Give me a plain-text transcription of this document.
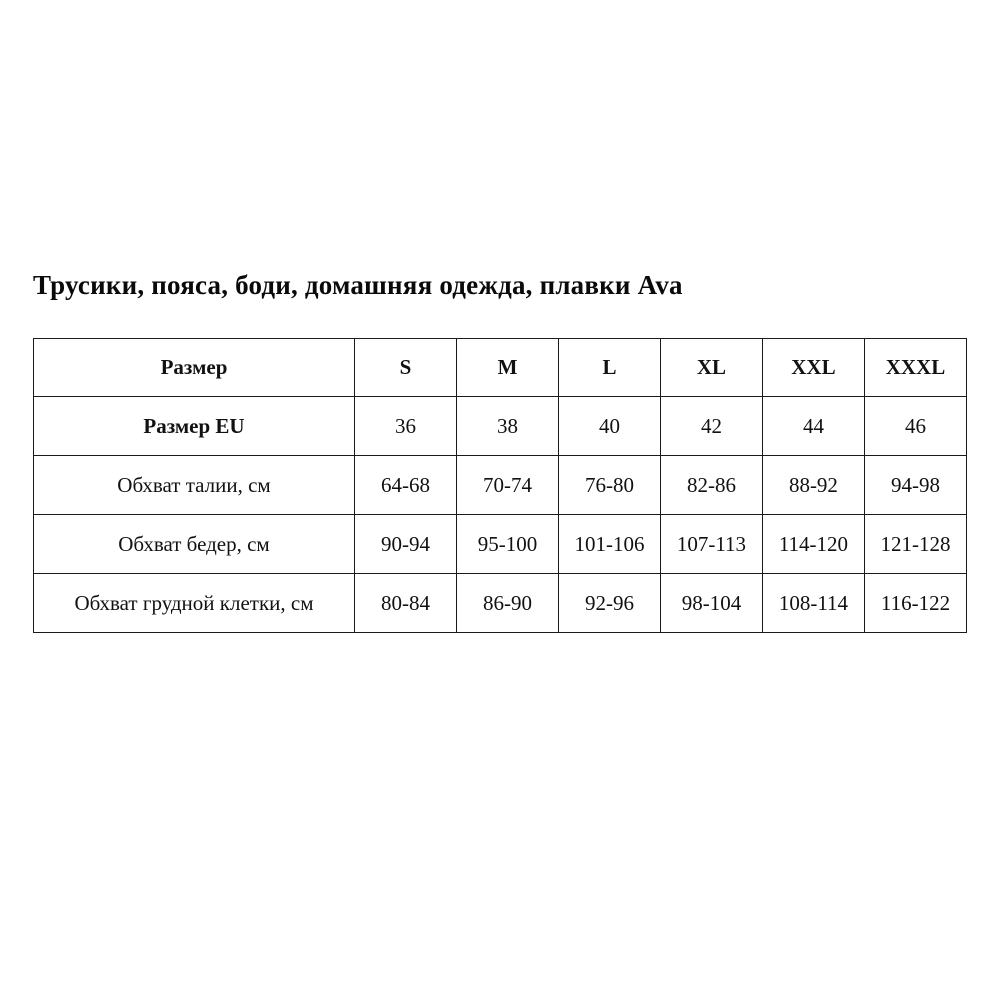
Трусики, пояса, боди, домашняя одежда, плавки Ava
Размер	S	M	L	XL	XXL	XXXL
Размер EU	36	38	40	42	44	46
Обхват талии, см	64-68	70-74	76-80	82-86	88-92	94-98
Обхват бедер, см	90-94	95-100	101-106	107-113	114-120	121-128
Обхват грудной клетки, см	80-84	86-90	92-96	98-104	108-114	116-122
